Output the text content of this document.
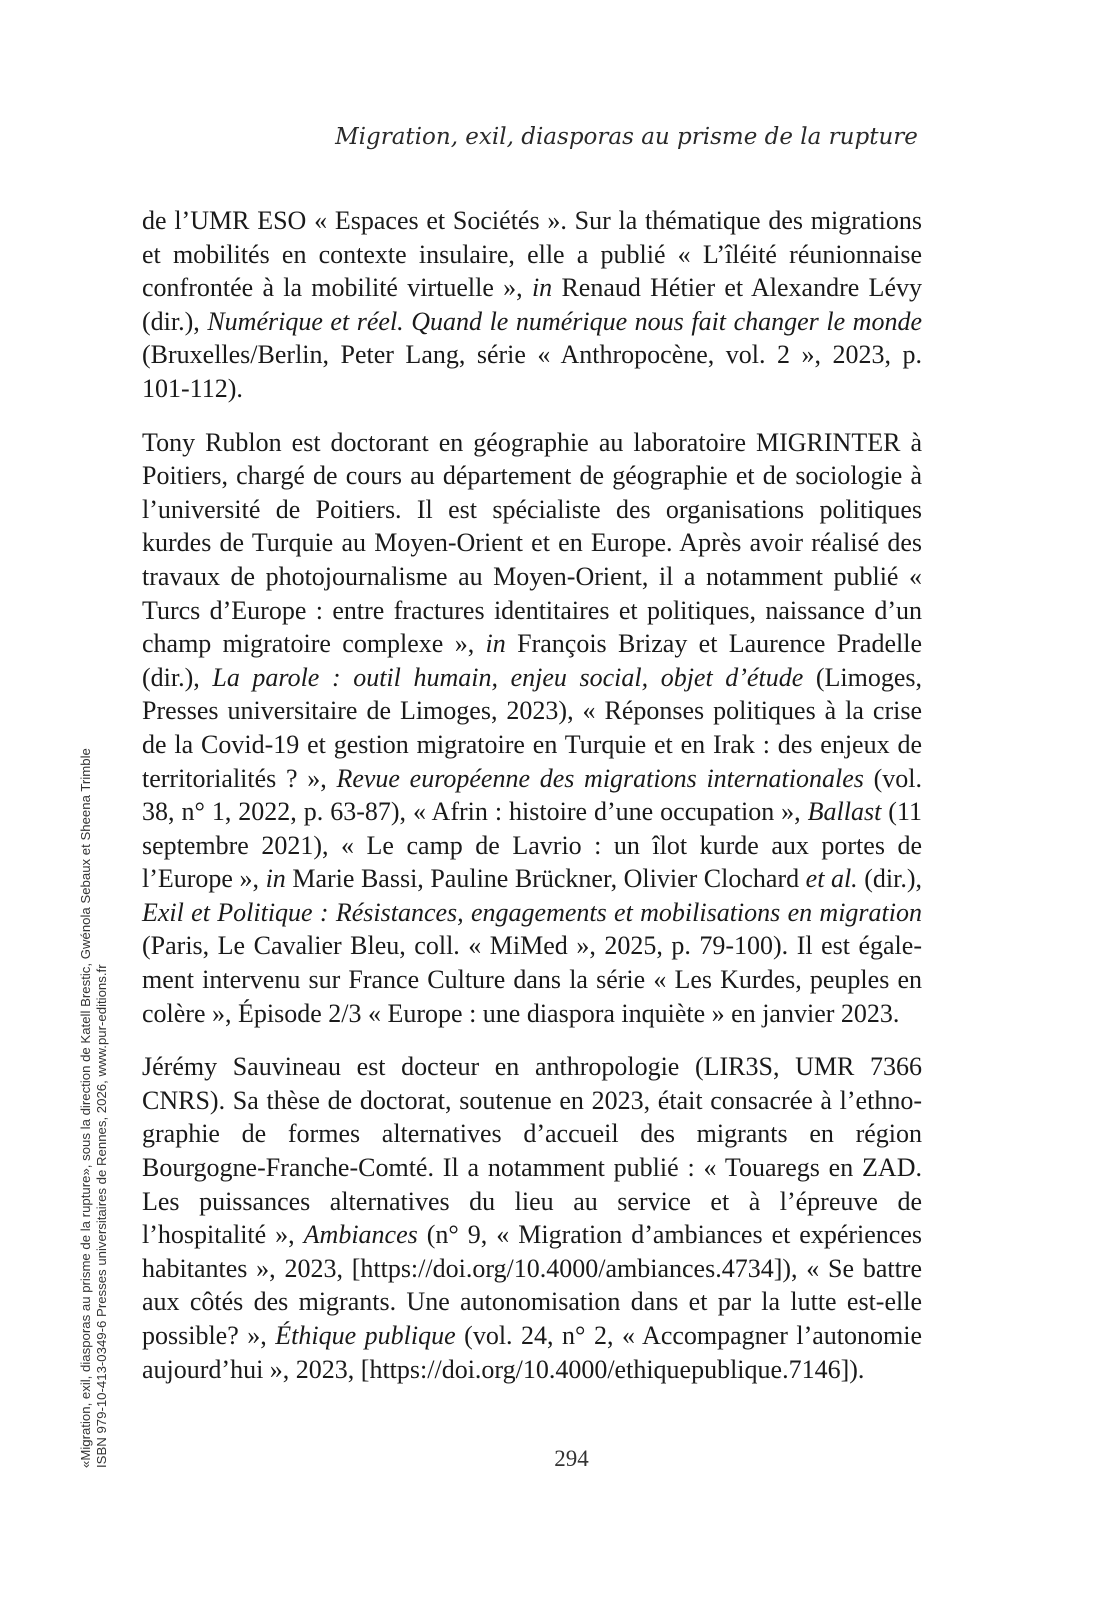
Migration, exil, diasporas au prisme de la rupture

de l’UMR ESO « Espaces et Sociétés ». Sur la thématique des migrations et mobilités en contexte insulaire, elle a publié « L’îléité réunionnaise confrontée à la mobilité virtuelle », in Renaud Hétier et Alexandre Lévy (dir.), Numérique et réel. Quand le numérique nous fait changer le monde (Bruxelles/Berlin, Peter Lang, série « Anthropocène, vol. 2 », 2023, p. 101-112).

Tony Rublon est doctorant en géographie au laboratoire MIGRINTER à Poitiers, chargé de cours au département de géographie et de sociologie à l’université de Poitiers. Il est spécialiste des organisations politiques kurdes de Turquie au Moyen-Orient et en Europe. Après avoir réalisé des travaux de photojournalisme au Moyen-Orient, il a notamment publié « Turcs d’Europe : entre fractures identitaires et politiques, naissance d’un champ migratoire complexe », in François Brizay et Laurence Pradelle (dir.), La parole : outil humain, enjeu social, objet d’étude (Limoges, Presses universitaire de Limoges, 2023), « Réponses politiques à la crise de la Covid-19 et gestion migratoire en Turquie et en Irak : des enjeux de territorialités ? », Revue européenne des migrations internationales (vol. 38, n° 1, 2022, p. 63-87), « Afrin : histoire d’une occupation », Ballast (11 septembre 2021), « Le camp de Lavrio : un îlot kurde aux portes de l’Europe », in Marie Bassi, Pauline Brückner, Olivier Clochard et al. (dir.), Exil et Politique : Résistances, engagements et mobilisations en migration (Paris, Le Cavalier Bleu, coll. « MiMed », 2025, p. 79-100). Il est également intervenu sur France Culture dans la série « Les Kurdes, peuples en colère », Épisode 2/3 « Europe : une diaspora inquiète » en janvier 2023.

Jérémy Sauvineau est docteur en anthropologie (LIR3S, UMR 7366 CNRS). Sa thèse de doctorat, soutenue en 2023, était consacrée à l’ethnographie de formes alternatives d’accueil des migrants en région Bourgogne-Franche-Comté. Il a notamment publié : « Touaregs en ZAD. Les puissances alternatives du lieu au service et à l’épreuve de l’hospitalité », Ambiances (n° 9, « Migration d’ambiances et expériences habitantes », 2023, [https://doi.org/10.4000/ambiances.4734]), « Se battre aux côtés des migrants. Une autonomisation dans et par la lutte est-elle possible? », Éthique publique (vol. 24, n° 2, « Accompagner l’autonomie aujourd’hui », 2023, [https://doi.org/10.4000/ethiquepublique.7146]).

294
«Migration, exil, diasporas au prisme de la rupture», sous la direction de Katell Brestic, Gwénola Sebaux et Sheena Trimble ISBN 979-10-413-0349-6 Presses universitaires de Rennes, 2026, www.pur-editions.fr
